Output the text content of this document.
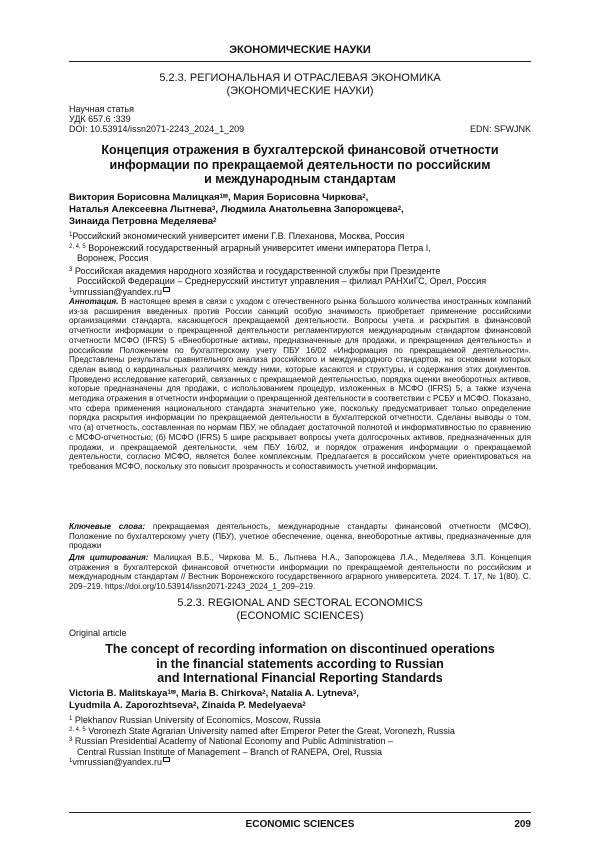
ЭКОНОМИЧЕСКИЕ НАУКИ
5.2.3. РЕГИОНАЛЬНАЯ И ОТРАСЛЕВАЯ ЭКОНОМИКА
(ЭКОНОМИЧЕСКИЕ НАУКИ)
Научная статья
УДК 657.6 :339
DOI: 10.53914/issn2071-2243_2024_1_209	EDN: SFWJNK
Концепция отражения в бухгалтерской финансовой отчетности
информации по прекращаемой деятельности по российским
и международным стандартам
Виктория Борисовна Малицкая$^{1✉}$, Мария Борисовна Чиркова$^2$,
Наталья Алексеевна Лытнева$^3$, Людмила Анатольевна Запорожцева$^2$,
Зинаида Петровна Меделяева$^2$
$^1$Российский экономический университет имени Г.В. Плеханова, Москва, Россия
$^{2, 4, 5}$ Воронежский государственный аграрный университет имени императора Петра I,
Воронеж, Россия
$^3$ Российская академия народного хозяйства и государственной службы при Президенте
Российской Федерации – Среднерусский институт управления – филиал РАНХиГС, Орел, Россия
$^1$vmrussian@yandex.ru
Аннотация. В настоящее время в связи с уходом с отечественного рынка большого количества иностранных компаний из-за расширения введенных против России санкций особую значимость приобретает применение российскими организациями стандарта, касающегося прекращаемой деятельности. Вопросы учета и раскрытия в финансовой отчетности информации о прекращенной деятельности регламентируются международным стандартом финансовой отчетности МСФО (IFRS) 5 «Внеоборотные активы, предназначенные для продажи, и прекращенная деятельность» и российским Положением по бухгалтерскому учету ПБУ 16/02 «Информация по прекращаемой деятельности». Представлены результаты сравнительного анализа российского и международного стандартов, на основании которых сделан вывод о кардинальных различиях между ними, которые касаются и структуры, и содержания этих документов. Проведено исследование категорий, связанных с прекращаемой деятельностью, порядка оценки внеоборотных активов, которые предназначены для продажи, с использованием процедур, изложенных в МСФО (IFRS) 5, а также изучена методика отражения в отчетности информации о прекращенной деятельности в соответствии с РСБУ и МСФО. Показано, что сфера применения национального стандарта значительно уже, поскольку предусматривает только определение порядка раскрытия информации по прекращаемой деятельности в бухгалтерской отчетности. Сделаны выводы о том, что (а) отчетность, составленная по нормам ПБУ, не обладает достаточной полнотой и информативностью по сравнению с МСФО-отчетностью; (б) МСФО (IFRS) 5 шире раскрывает вопросы учета долгосрочных активов, предназначенных для продажи, и прекращаемой деятельности, чем ПБУ 16/02, и порядок отражения информации о прекращаемой деятельности, согласно МСФО, является более комплексным. Предлагается в российском учете ориентироваться на требования МСФО, поскольку это повысит прозрачность и сопоставимость учетной информации.
Ключевые слова: прекращаемая деятельность, международные стандарты финансовой отчетности (МСФО), Положение по бухгалтерскому учету (ПБУ), учетное обеспечение, оценка, внеоборотные активы, предназначенные для продажи
Для цитирования: Малицкая В.Б., Чиркова М. Б., Лытнева Н.А., Запорожцева Л.А., Меделяева З.П. Концепция отражения в бухгалтерской финансовой отчетности информации по прекращаемой деятельности по российским и международным стандартам // Вестник Воронежского государственного аграрного университета. 2024. Т. 17, № 1(80). С. 209–219. https://doi.org/10.53914/issn2071-2243_2024_1_209–219.
5.2.3. REGIONAL AND SECTORAL ECONOMICS
(ECONOMIC SCIENCES)
Original article
The concept of recording information on discontinued operations
in the financial statements according to Russian
and International Financial Reporting Standards
Victoria B. Malitskaya$^{1✉}$, Maria B. Chirkova$^2$, Natalia A. Lytneva$^3$,
Lyudmila A. Zaporozhtseva$^2$, Zinaida P. Medelyaeva$^2$
$^1$ Plekhanov Russian University of Economics, Moscow, Russia
$^{2, 4, 5}$ Voronezh State Agrarian University named after Emperor Peter the Great, Voronezh, Russia
$^3$ Russian Presidential Academy of National Economy and Public Administration –
Central Russian Institute of Management – Branch of RANEPA, Orel, Russia
$^1$vmrussian@yandex.ru
ECONOMIC SCIENCES	209
